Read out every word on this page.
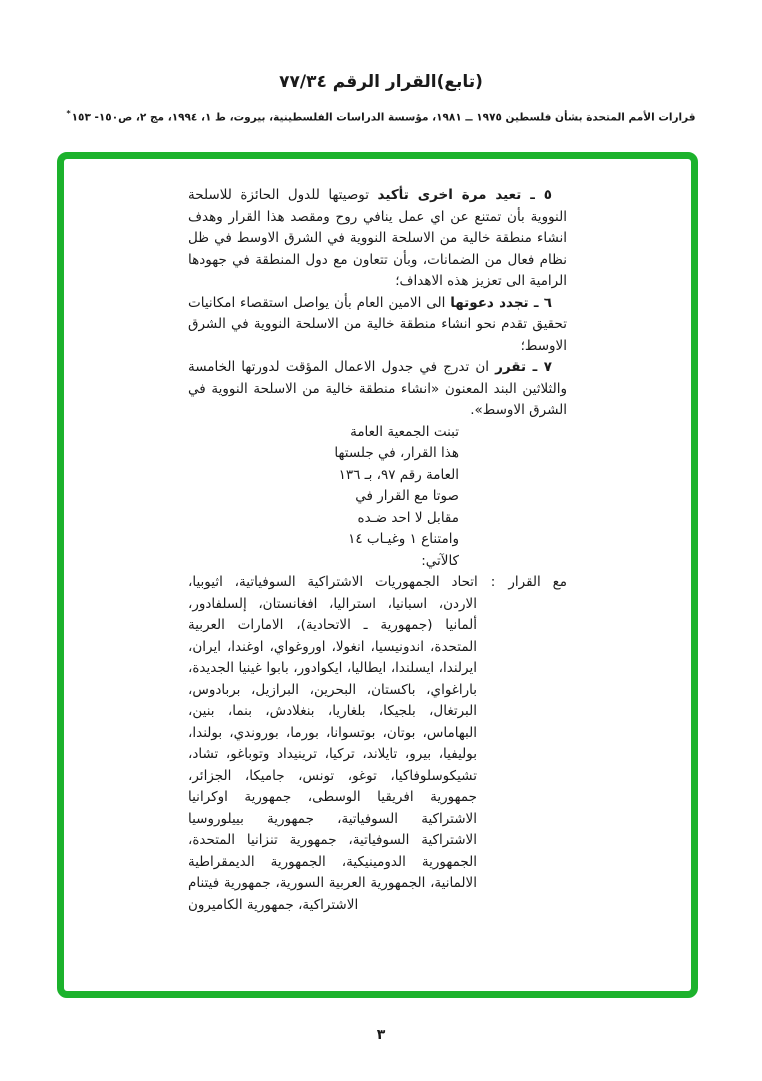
(تابع)القرار الرقم ٧٧/٣٤
قرارات الأمم المتحدة بشأن فلسطين ١٩٧٥ ــ ١٩٨١، مؤسسة الدراسات الفلسطينية، بيروت، ط ١، ١٩٩٤، مج ٢، ص١٥٠- ١٥٣*

٥ ـ تعيد مرة اخرى تأكيد توصيتها للدول الحائزة للاسلحة النووية بأن تمتنع عن اي عمل ينافي روح ومقصد هذا القرار وهدف انشاء منطقة خالية من الاسلحة النووية في الشرق الاوسط في ظل نظام فعال من الضمانات، وبأن تتعاون مع دول المنطقة في جهودها الرامية الى تعزيز هذه الاهداف؛

٦ ـ تجدد دعوتها الى الامين العام بأن يواصل استقصاء امكانيات تحقيق تقدم نحو انشاء منطقة خالية من الاسلحة النووية في الشرق الاوسط؛

٧ ـ تقرر ان تدرج في جدول الاعمال المؤقت لدورتها الخامسة والثلاثين البند المعنون «انشاء منطقة خالية من الاسلحة النووية في الشرق الاوسط».

تبنت الجمعية العامة هذا القرار، في جلستها العامة رقم ٩٧، بـ ١٣٦ صوتا مع القرار في مقابل لا احد ضـده وامتناع ١ وغيـاب ١٤

كالآتي:

مع القرار:اتحاد الجمهوريات الاشتراكية السوفياتية، اثيوبيا، الاردن، اسبانيا، استراليا، افغانستان، إلسلفادور، ألمانيا (جمهورية ـ الاتحادية)، الامارات العربية المتحدة، اندونيسيا، انغولا، اوروغواي، اوغندا، ايران، ايرلندا، ايسلندا، ايطاليا، ايكوادور، بابوا غينيا الجديدة، باراغواي، باكستان، البحرين، البرازيل، بربادوس، البرتغال، بلجيكا، بلغاريا، بنغلادش، بنما، بنين، البهاماس، بوتان، بوتسوانا، بورما، بوروندي، بولندا، بوليفيا، بيرو، تايلاند، تركيا، ترينيداد وتوباغو، تشاد، تشيكوسلوفاكيا، توغو، تونس، جاميكا، الجزائر، جمهورية افريقيا الوسطى، جمهورية اوكرانيا الاشتراكية السوفياتية، جمهورية بييلوروسيا الاشتراكية السوفياتية، جمهورية تنزانيا المتحدة، الجمهورية الدومينيكية، الجمهورية الديمقراطية الالمانية، الجمهورية العربية السورية، جمهورية فيتنام الاشتراكية، جمهورية الكاميرون

٣
